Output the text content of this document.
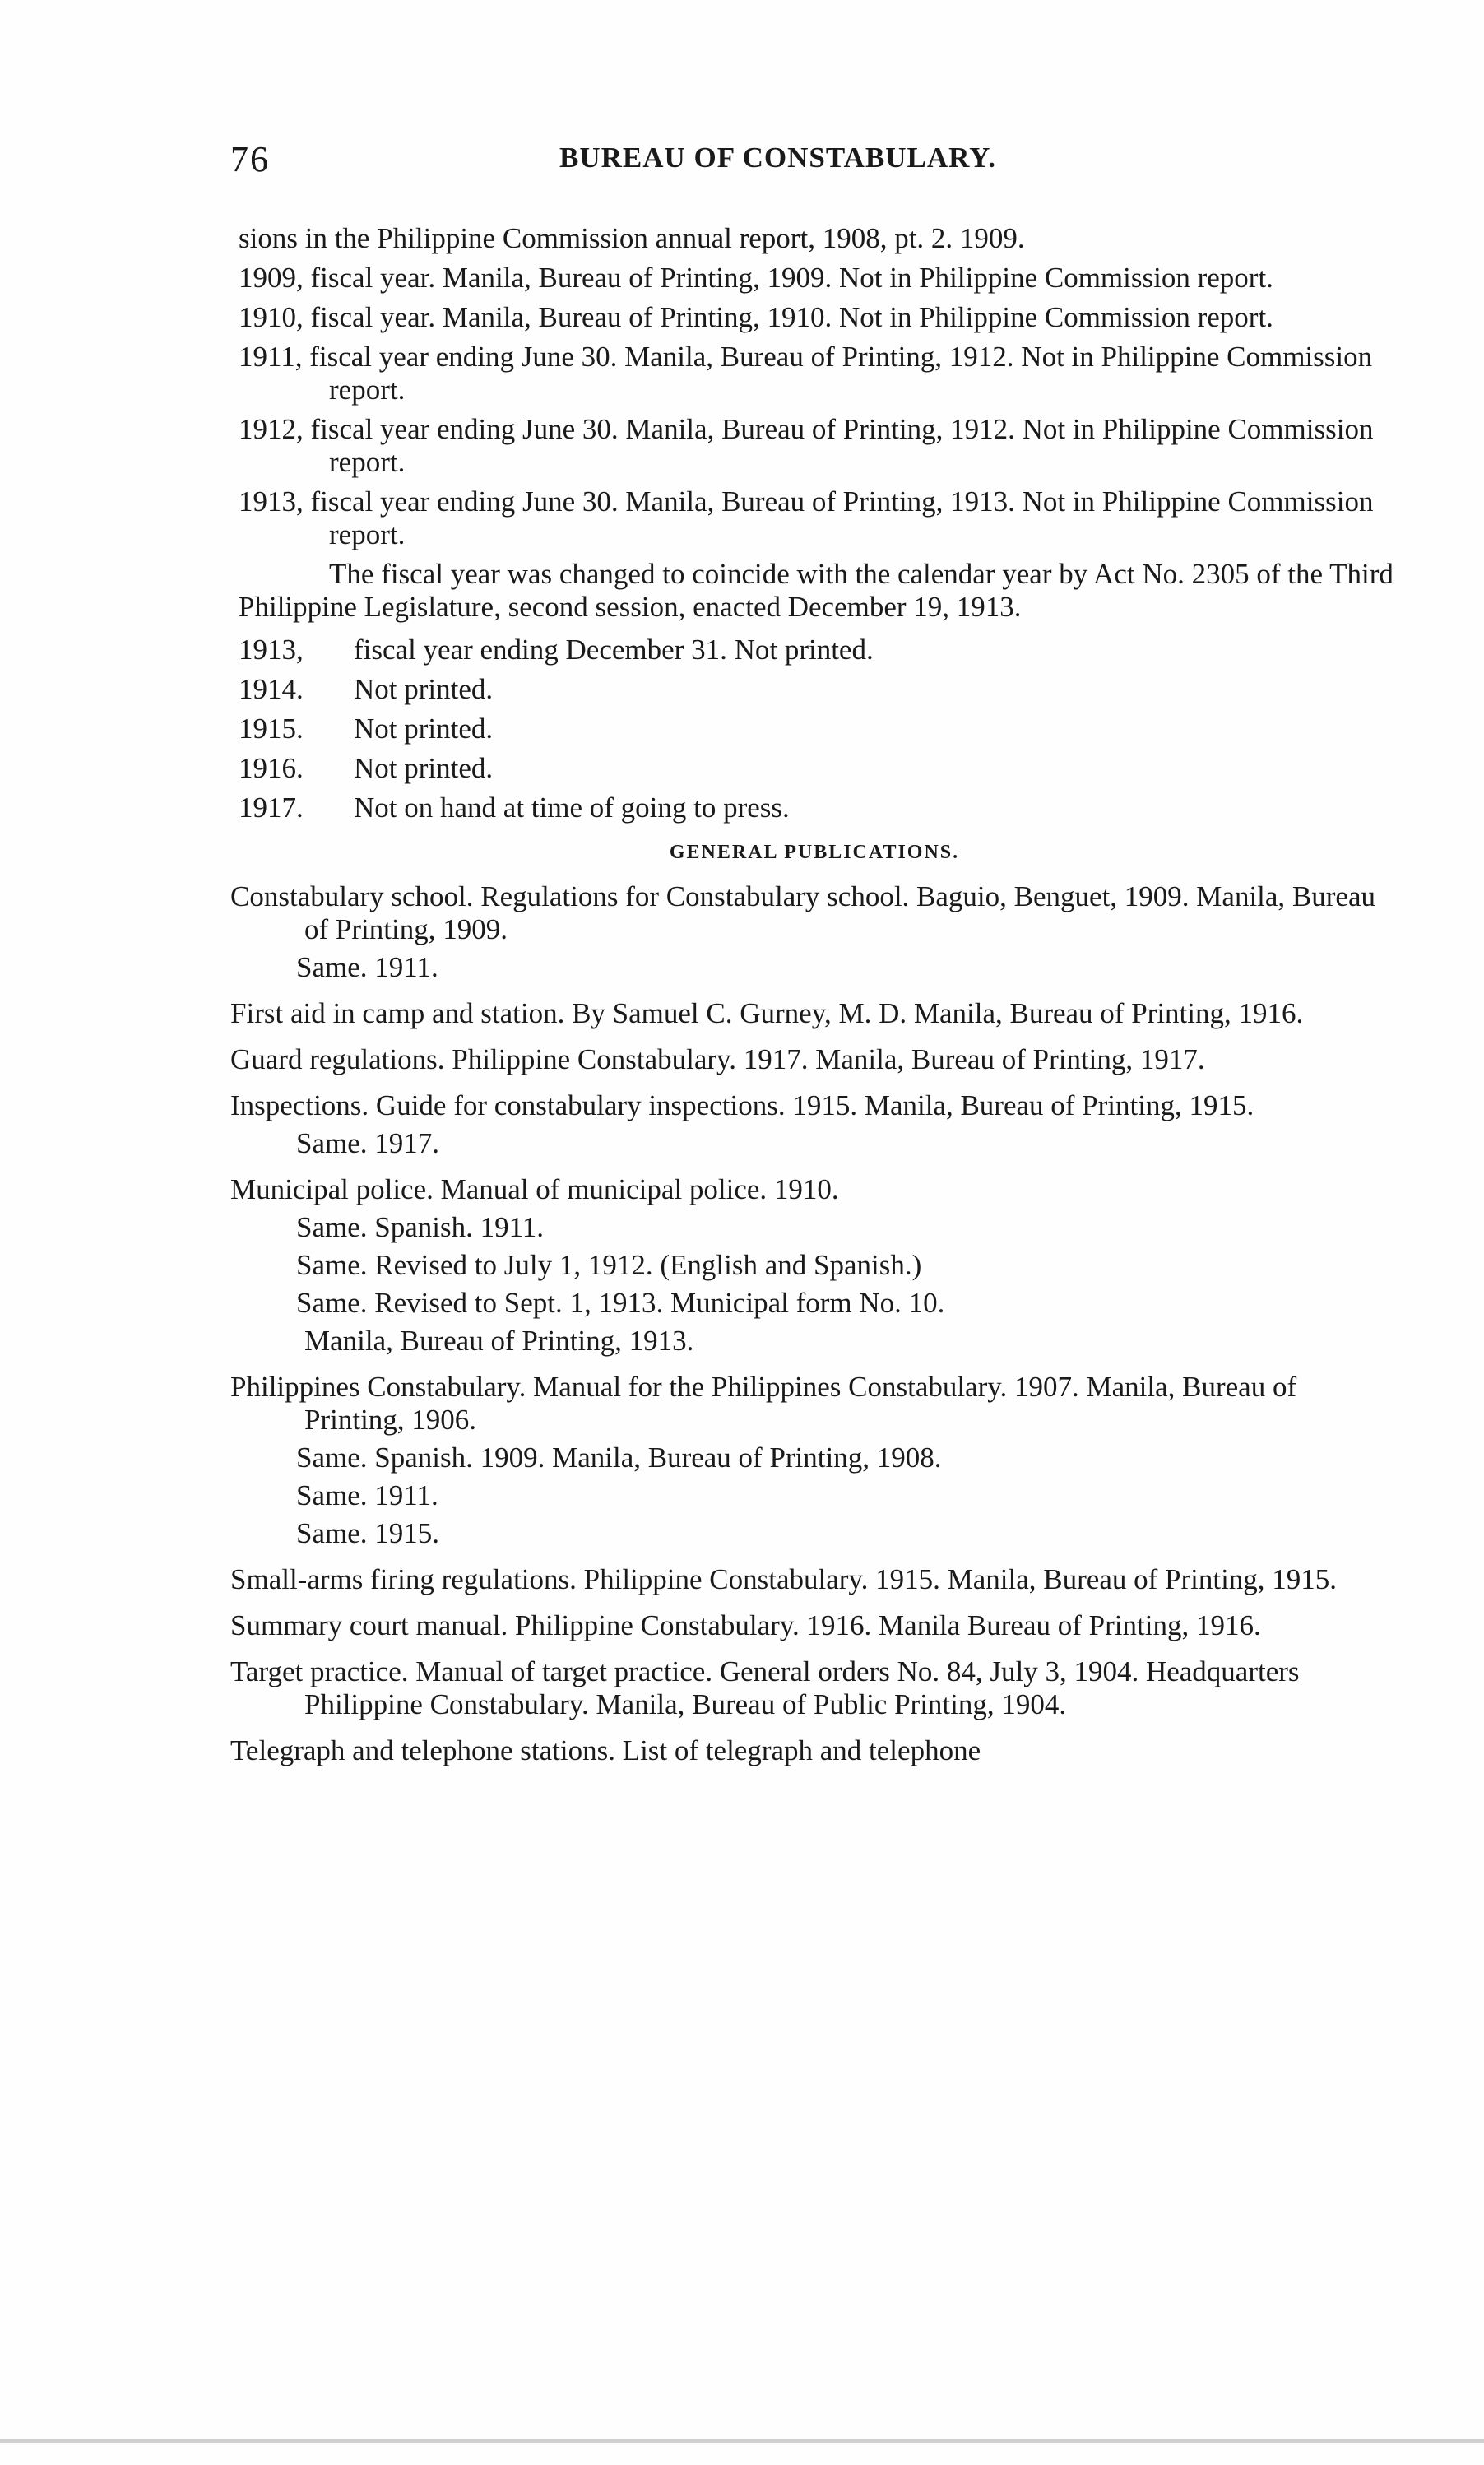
76	BUREAU OF CONSTABULARY.

sions in the Philippine Commission annual report, 1908, pt. 2. 1909.

1909, fiscal year. Manila, Bureau of Printing, 1909. Not in Philippine Commission report.

1910, fiscal year. Manila, Bureau of Printing, 1910. Not in Philippine Commission report.

1911, fiscal year ending June 30. Manila, Bureau of Printing, 1912. Not in Philippine Commission report.

1912, fiscal year ending June 30. Manila, Bureau of Printing, 1912. Not in Philippine Commission report.

1913, fiscal year ending June 30. Manila, Bureau of Printing, 1913. Not in Philippine Commission report.

The fiscal year was changed to coincide with the calendar year by Act No. 2305 of the Third Philippine Legislature, second session, enacted December 19, 1913.

1913, fiscal year ending December 31. Not printed.
1914. Not printed.
1915. Not printed.
1916. Not printed.
1917. Not on hand at time of going to press.
GENERAL PUBLICATIONS.

Constabulary school. Regulations for Constabulary school. Baguio, Benguet, 1909. Manila, Bureau of Printing, 1909.

Same. 1911.

First aid in camp and station. By Samuel C. Gurney, M. D. Manila, Bureau of Printing, 1916.

Guard regulations. Philippine Constabulary. 1917. Manila, Bureau of Printing, 1917.

Inspections. Guide for constabulary inspections. 1915. Manila, Bureau of Printing, 1915.

Same. 1917.

Municipal police. Manual of municipal police. 1910.

Same. Spanish. 1911.

Same. Revised to July 1, 1912. (English and Spanish.)

Same. Revised to Sept. 1, 1913. Municipal form No. 10.

Manila, Bureau of Printing, 1913.

Philippines Constabulary. Manual for the Philippines Constabulary. 1907. Manila, Bureau of Printing, 1906.

Same. Spanish. 1909. Manila, Bureau of Printing, 1908.

Same. 1911.

Same. 1915.

Small-arms firing regulations. Philippine Constabulary. 1915. Manila, Bureau of Printing, 1915.

Summary court manual. Philippine Constabulary. 1916. Manila Bureau of Printing, 1916.

Target practice. Manual of target practice. General orders No. 84, July 3, 1904. Headquarters Philippine Constabulary. Manila, Bureau of Public Printing, 1904.

Telegraph and telephone stations. List of telegraph and telephone
